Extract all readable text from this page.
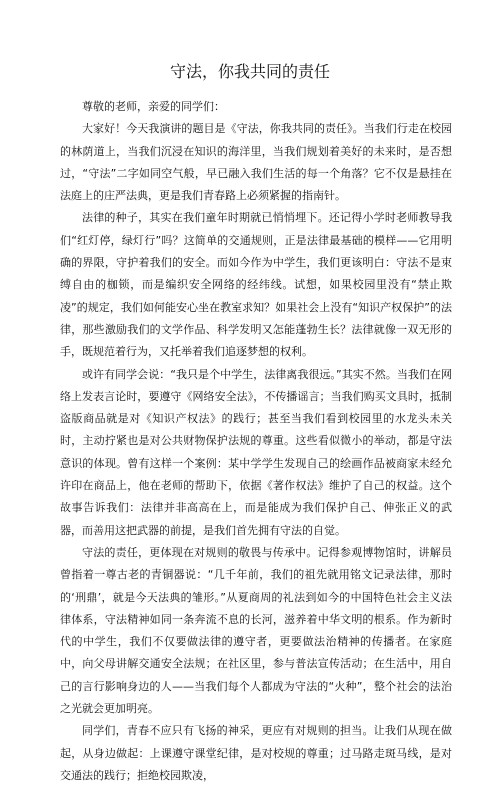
守法，你我共同的责任

尊敬的老师，亲爱的同学们：

大家好！今天我演讲的题目是《守法，你我共同的责任》。当我们行走在校园的林荫道上，当我们沉浸在知识的海洋里，当我们规划着美好的未来时，是否想过，“守法”二字如同空气般，早已融入我们生活的每一个角落？它不仅是悬挂在法庭上的庄严法典，更是我们青春路上必须紧握的指南针。

法律的种子，其实在我们童年时期就已悄悄埋下。还记得小学时老师教导我们“红灯停，绿灯行”吗？这简单的交通规则，正是法律最基础的模样——它用明确的界限，守护着我们的安全。而如今作为中学生，我们更该明白：守法不是束缚自由的枷锁，而是编织安全网络的经纬线。试想，如果校园里没有“禁止欺凌”的规定，我们如何能安心坐在教室求知？如果社会上没有“知识产权保护”的法律，那些激励我们的文学作品、科学发明又怎能蓬勃生长？法律就像一双无形的手，既规范着行为，又托举着我们追逐梦想的权利。

或许有同学会说：“我只是个中学生，法律离我很远。”其实不然。当我们在网络上发表言论时，要遵守《网络安全法》，不传播谣言；当我们购买文具时，抵制盗版商品就是对《知识产权法》的践行；甚至当我们看到校园里的水龙头未关时，主动拧紧也是对公共财物保护法规的尊重。这些看似微小的举动，都是守法意识的体现。曾有这样一个案例：某中学学生发现自己的绘画作品被商家未经允许印在商品上，他在老师的帮助下，依据《著作权法》维护了自己的权益。这个故事告诉我们：法律并非高高在上，而是能成为我们保护自己、伸张正义的武器，而善用这把武器的前提，是我们首先拥有守法的自觉。

守法的责任，更体现在对规则的敬畏与传承中。记得参观博物馆时，讲解员曾指着一尊古老的青铜器说：“几千年前，我们的祖先就用铭文记录法律，那时的‘刑鼎’，就是今天法典的雏形。”从夏商周的礼法到如今的中国特色社会主义法律体系，守法精神如同一条奔流不息的长河，滋养着中华文明的根系。作为新时代的中学生，我们不仅要做法律的遵守者，更要做法治精神的传播者。在家庭中，向父母讲解交通安全法规；在社区里，参与普法宣传活动；在生活中，用自己的言行影响身边的人——当我们每个人都成为守法的“火种”，整个社会的法治之光就会更加明亮。

同学们，青春不应只有飞扬的神采，更应有对规则的担当。让我们从现在做起，从身边做起：上课遵守课堂纪律，是对校规的尊重；过马路走斑马线，是对交通法的践行；拒绝校园欺凌，
